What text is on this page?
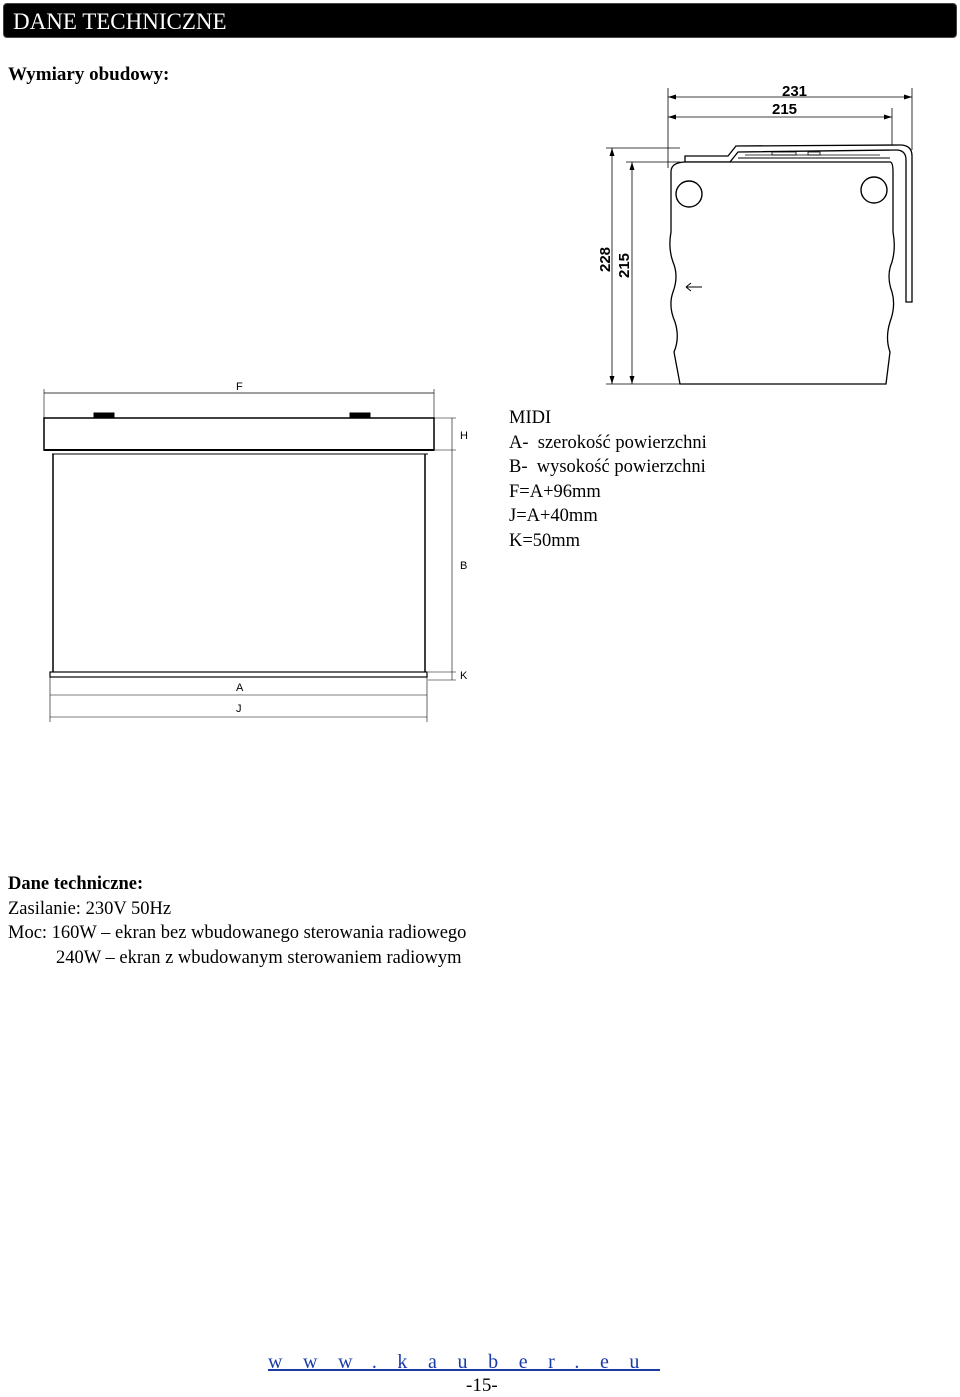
DANE TECHNICZNE
Wymiary obudowy:
231
215
228 215
F
H
B
K
A
J
MIDI
A-  szerokość powierzchni
B-  wysokość powierzchni
F=A+96mm
J=A+40mm
K=50mm
Dane techniczne:
Zasilanie: 230V 50Hz
Moc: 160W – ekran bez wbudowanego sterowania radiowego
240W – ekran z wbudowanym sterowaniem radiowym
www.kauber.eu
-15-
